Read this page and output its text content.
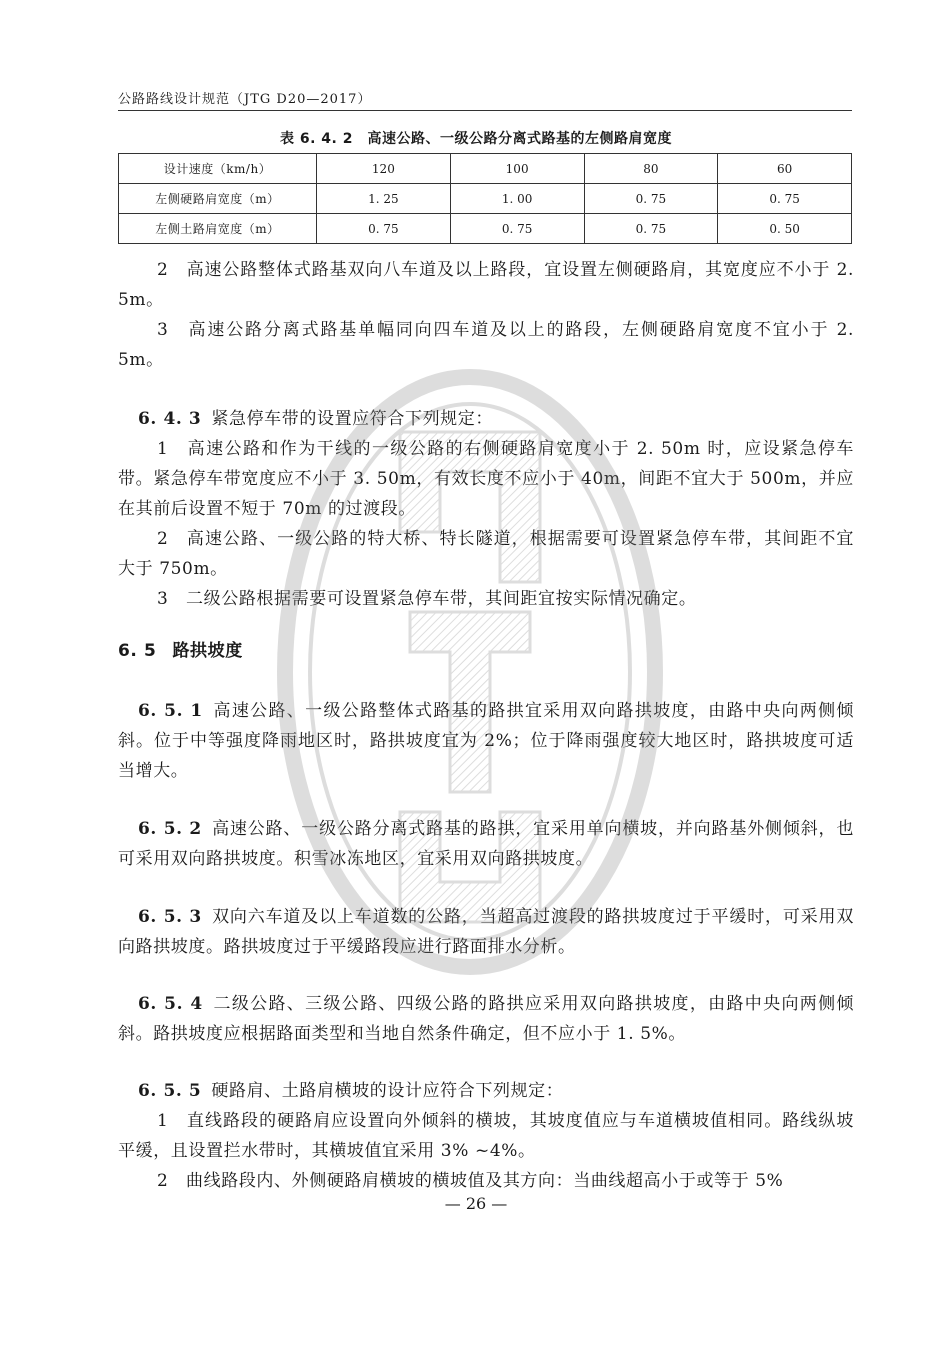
公路路线设计规范（JTG D20—2017）
表 6. 4. 2　高速公路、一级公路分离式路基的左侧路肩宽度
设计速度（km/h）	120	100	80	60
左侧硬路肩宽度（m）	1. 25	1. 00	0. 75	0. 75
左侧土路肩宽度（m）	0. 75	0. 75	0. 75	0. 50

2　高速公路整体式路基双向八车道及以上路段，宜设置左侧硬路肩，其宽度应不小于 2. 5m。

3　高速公路分离式路基单幅同向四车道及以上的路段，左侧硬路肩宽度不宜小于 2. 5m。

6. 4. 3 紧急停车带的设置应符合下列规定：

1　高速公路和作为干线的一级公路的右侧硬路肩宽度小于 2. 50m 时，应设紧急停车带。紧急停车带宽度应不小于 3. 50m，有效长度不应小于 40m，间距不宜大于 500m，并应在其前后设置不短于 70m 的过渡段。

2　高速公路、一级公路的特大桥、特长隧道，根据需要可设置紧急停车带，其间距不宜大于 750m。

3　二级公路根据需要可设置紧急停车带，其间距宜按实际情况确定。

6. 5 路拱坡度

6. 5. 1 高速公路、一级公路整体式路基的路拱宜采用双向路拱坡度，由路中央向两侧倾斜。位于中等强度降雨地区时，路拱坡度宜为 2%；位于降雨强度较大地区时，路拱坡度可适当增大。

6. 5. 2 高速公路、一级公路分离式路基的路拱，宜采用单向横坡，并向路基外侧倾斜，也可采用双向路拱坡度。积雪冰冻地区，宜采用双向路拱坡度。

6. 5. 3 双向六车道及以上车道数的公路，当超高过渡段的路拱坡度过于平缓时，可采用双向路拱坡度。路拱坡度过于平缓路段应进行路面排水分析。

6. 5. 4 二级公路、三级公路、四级公路的路拱应采用双向路拱坡度，由路中央向两侧倾斜。路拱坡度应根据路面类型和当地自然条件确定，但不应小于 1. 5%。

6. 5. 5 硬路肩、土路肩横坡的设计应符合下列规定：

1　直线路段的硬路肩应设置向外倾斜的横坡，其坡度值应与车道横坡值相同。路线纵坡平缓，且设置拦水带时，其横坡值宜采用 3% ~4%。

2　曲线路段内、外侧硬路肩横坡的横坡值及其方向：当曲线超高小于或等于 5%

— 26 —
